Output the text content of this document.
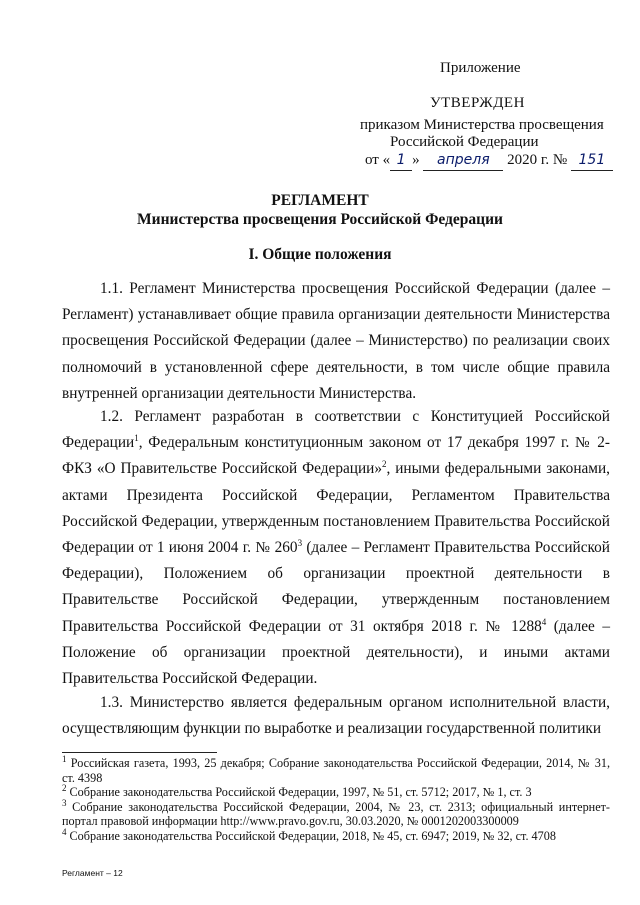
Приложение
УТВЕРЖДЕН
приказом Министерства просвещения
Российской Федерации
от « 1 » апреля 2020 г. № 151
РЕГЛАМЕНТ
Министерства просвещения Российской Федерации
I. Общие положения

1.1. Регламент Министерства просвещения Российской Федерации (далее – Регламент) устанавливает общие правила организации деятельности Министерства просвещения Российской Федерации (далее – Министерство) по реализации своих полномочий в установленной сфере деятельности, в том числе общие правила внутренней организации деятельности Министерства.

1.2. Регламент разработан в соответствии с Конституцией Российской Федерации$^1$, Федеральным конституционным законом от 17 декабря 1997 г. № 2-ФКЗ «О Правительстве Российской Федерации»$^2$, иными федеральными законами, актами Президента Российской Федерации, Регламентом Правительства Российской Федерации, утвержденным постановлением Правительства Российской Федерации от 1 июня 2004 г. № $260^3$ (далее – Регламент Правительства Российской Федерации), Положением об организации проектной деятельности в Правительстве Российской Федерации, утвержденным постановлением Правительства Российской Федерации от 31 октября 2018 г. № 1288$^4$ (далее – Положение об организации проектной деятельности), и иными актами Правительства Российской Федерации.

1.3. Министерство является федеральным органом исполнительной власти, осуществляющим функции по выработке и реализации государственной политики

$^1$ Российская газета, 1993, 25 декабря; Собрание законодательства Российской Федерации, 2014, № 31, ст. 4398
$^2$ Собрание законодательства Российской Федерации, 1997, № 51, ст. 5712; 2017, № 1, ст. 3
$^3$ Собрание законодательства Российской Федерации, 2004, № 23, ст. 2313; официальный интернет-портал правовой информации http://www.pravo.gov.ru, 30.03.2020, № 0001202003300009
$^4$ Собрание законодательства Российской Федерации, 2018, № 45, ст. 6947; 2019, № 32, ст. 4708
Регламент – 12
